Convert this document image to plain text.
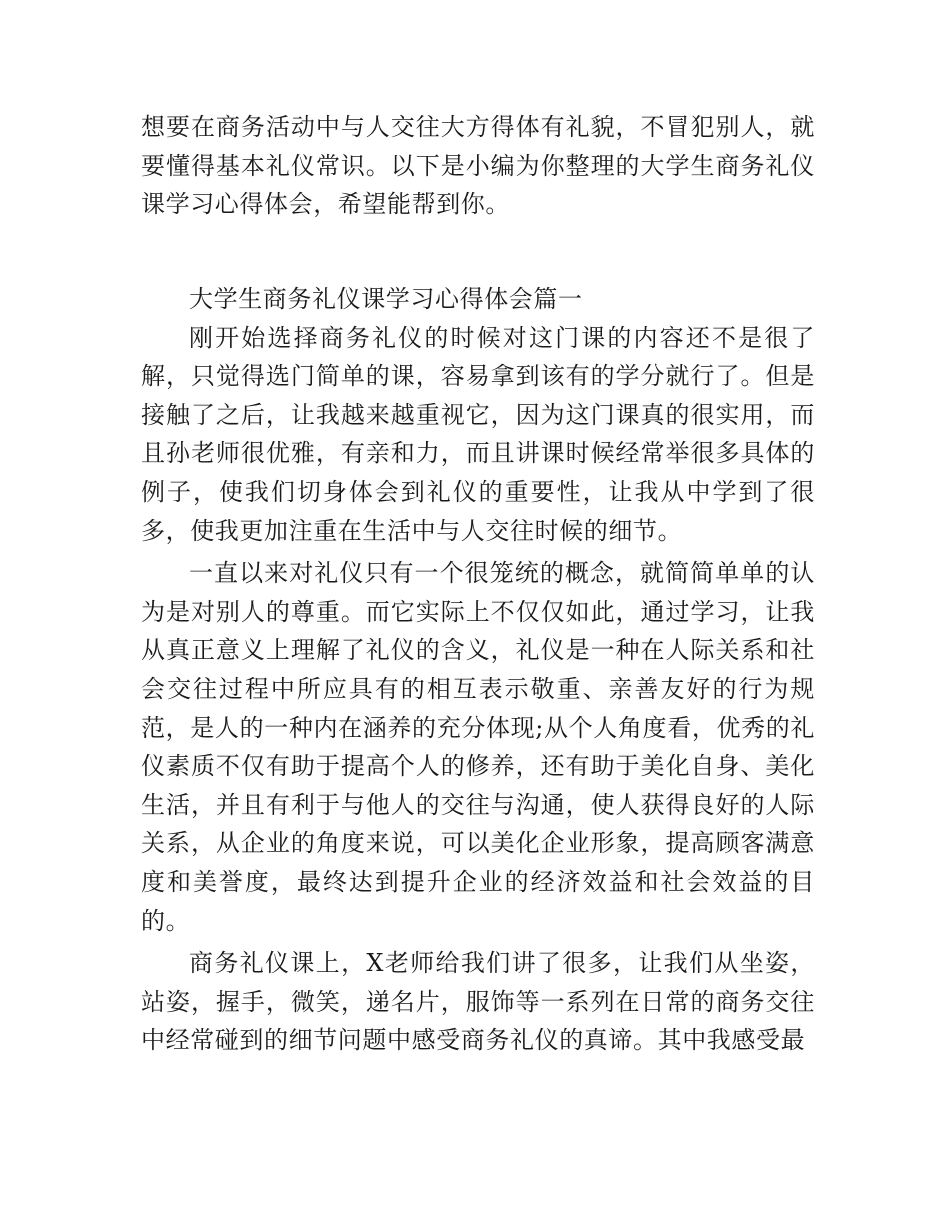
想要在商务活动中与人交往大方得体有礼貌，不冒犯别人，就要懂得基本礼仪常识。以下是小编为你整理的大学生商务礼仪课学习心得体会，希望能帮到你。

大学生商务礼仪课学习心得体会篇一

刚开始选择商务礼仪的时候对这门课的内容还不是很了解，只觉得选门简单的课，容易拿到该有的学分就行了。但是接触了之后，让我越来越重视它，因为这门课真的很实用，而且孙老师很优雅，有亲和力，而且讲课时候经常举很多具体的例子，使我们切身体会到礼仪的重要性，让我从中学到了很多，使我更加注重在生活中与人交往时候的细节。

一直以来对礼仪只有一个很笼统的概念，就简简单单的认为是对别人的尊重。而它实际上不仅仅如此，通过学习，让我从真正意义上理解了礼仪的含义，礼仪是一种在人际关系和社会交往过程中所应具有的相互表示敬重、亲善友好的行为规范，是人的一种内在涵养的充分体现;从个人角度看，优秀的礼仪素质不仅有助于提高个人的修养，还有助于美化自身、美化生活，并且有利于与他人的交往与沟通，使人获得良好的人际关系，从企业的角度来说，可以美化企业形象，提高顾客满意度和美誉度，最终达到提升企业的经济效益和社会效益的目的。

商务礼仪课上，X老师给我们讲了很多，让我们从坐姿，站姿，握手，微笑，递名片，服饰等一系列在日常的商务交往中经常碰到的细节问题中感受商务礼仪的真谛。其中我感受最
